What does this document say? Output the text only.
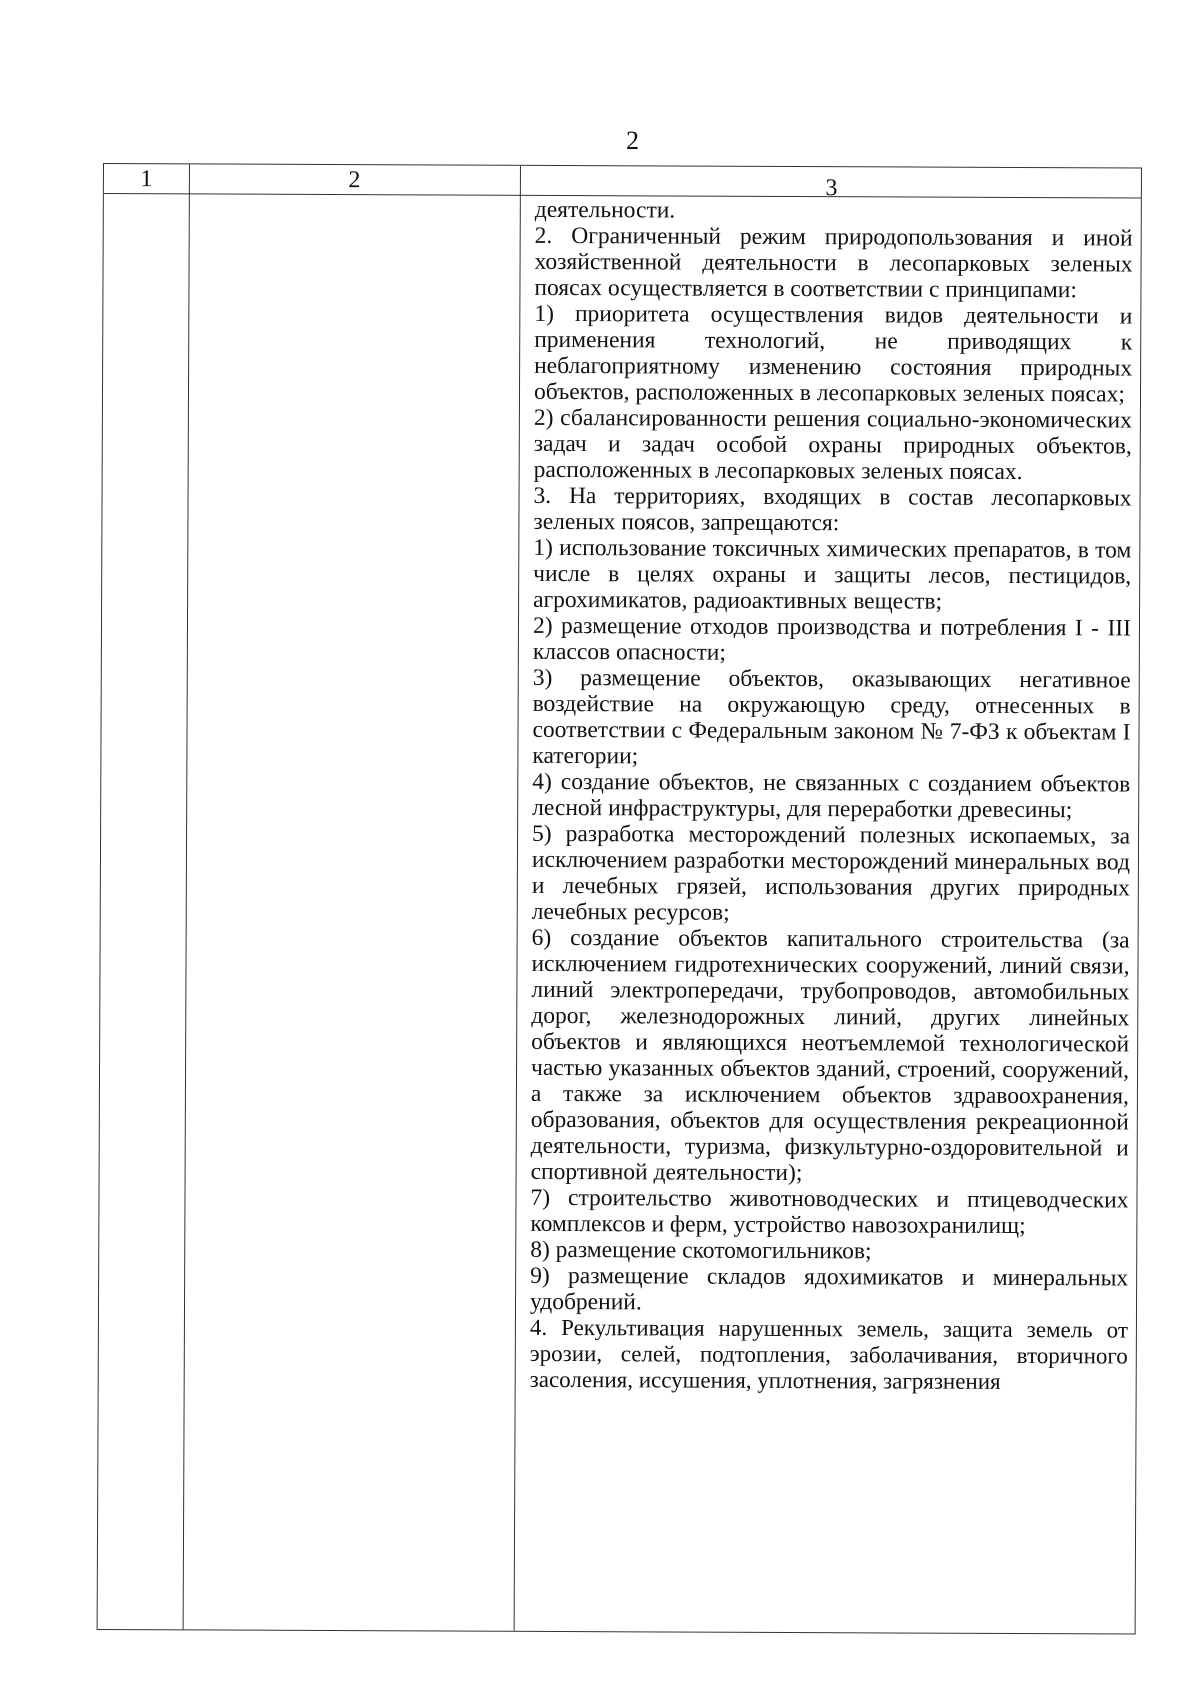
2
1	2	3

деятельности.

2. Ограниченный режим природопользования и иной хозяйственной деятельности в лесопарковых зеленых поясах осуществляется в соответствии с принципами:

1) приоритета осуществления видов деятельности и применения технологий, не приводящих к неблагоприятному изменению состояния природных объектов, расположенных в лесопарковых зеленых поясах;

2) сбалансированности решения социально-экономических задач и задач особой охраны природных объектов, расположенных в лесопарковых зеленых поясах.

3. На территориях, входящих в состав лесопарковых зеленых поясов, запрещаются:

1) использование токсичных химических препаратов, в том числе в целях охраны и защиты лесов, пестицидов, агрохимикатов, радиоактивных веществ;

2) размещение отходов производства и потребления I - III классов опасности;

3) размещение объектов, оказывающих негативное воздействие на окружающую среду, отнесенных в соответствии с Федеральным законом № 7-ФЗ к объектам I категории;

4) создание объектов, не связанных с созданием объектов лесной инфраструктуры, для переработки древесины;

5) разработка месторождений полезных ископаемых, за исключением разработки месторождений минеральных вод и лечебных грязей, использования других природных лечебных ресурсов;

6) создание объектов капитального строительства (за исключением гидротехнических сооружений, линий связи, линий электропередачи, трубопроводов, автомобильных дорог, железнодорожных линий, других линейных объектов и являющихся неотъемлемой технологической частью указанных объектов зданий, строений, сооружений, а также за исключением объектов здравоохранения, образования, объектов для осуществления рекреационной деятельности, туризма, физкультурно-оздоровительной и спортивной деятельности);

7) строительство животноводческих и птицеводческих комплексов и ферм, устройство навозохранилищ;

8) размещение скотомогильников;

9) размещение складов ядохимикатов и минеральных удобрений.

4. Рекультивация нарушенных земель, защита земель от эрозии, селей, подтопления, заболачивания, вторичного засоления, иссушения, уплотнения, загрязнения
